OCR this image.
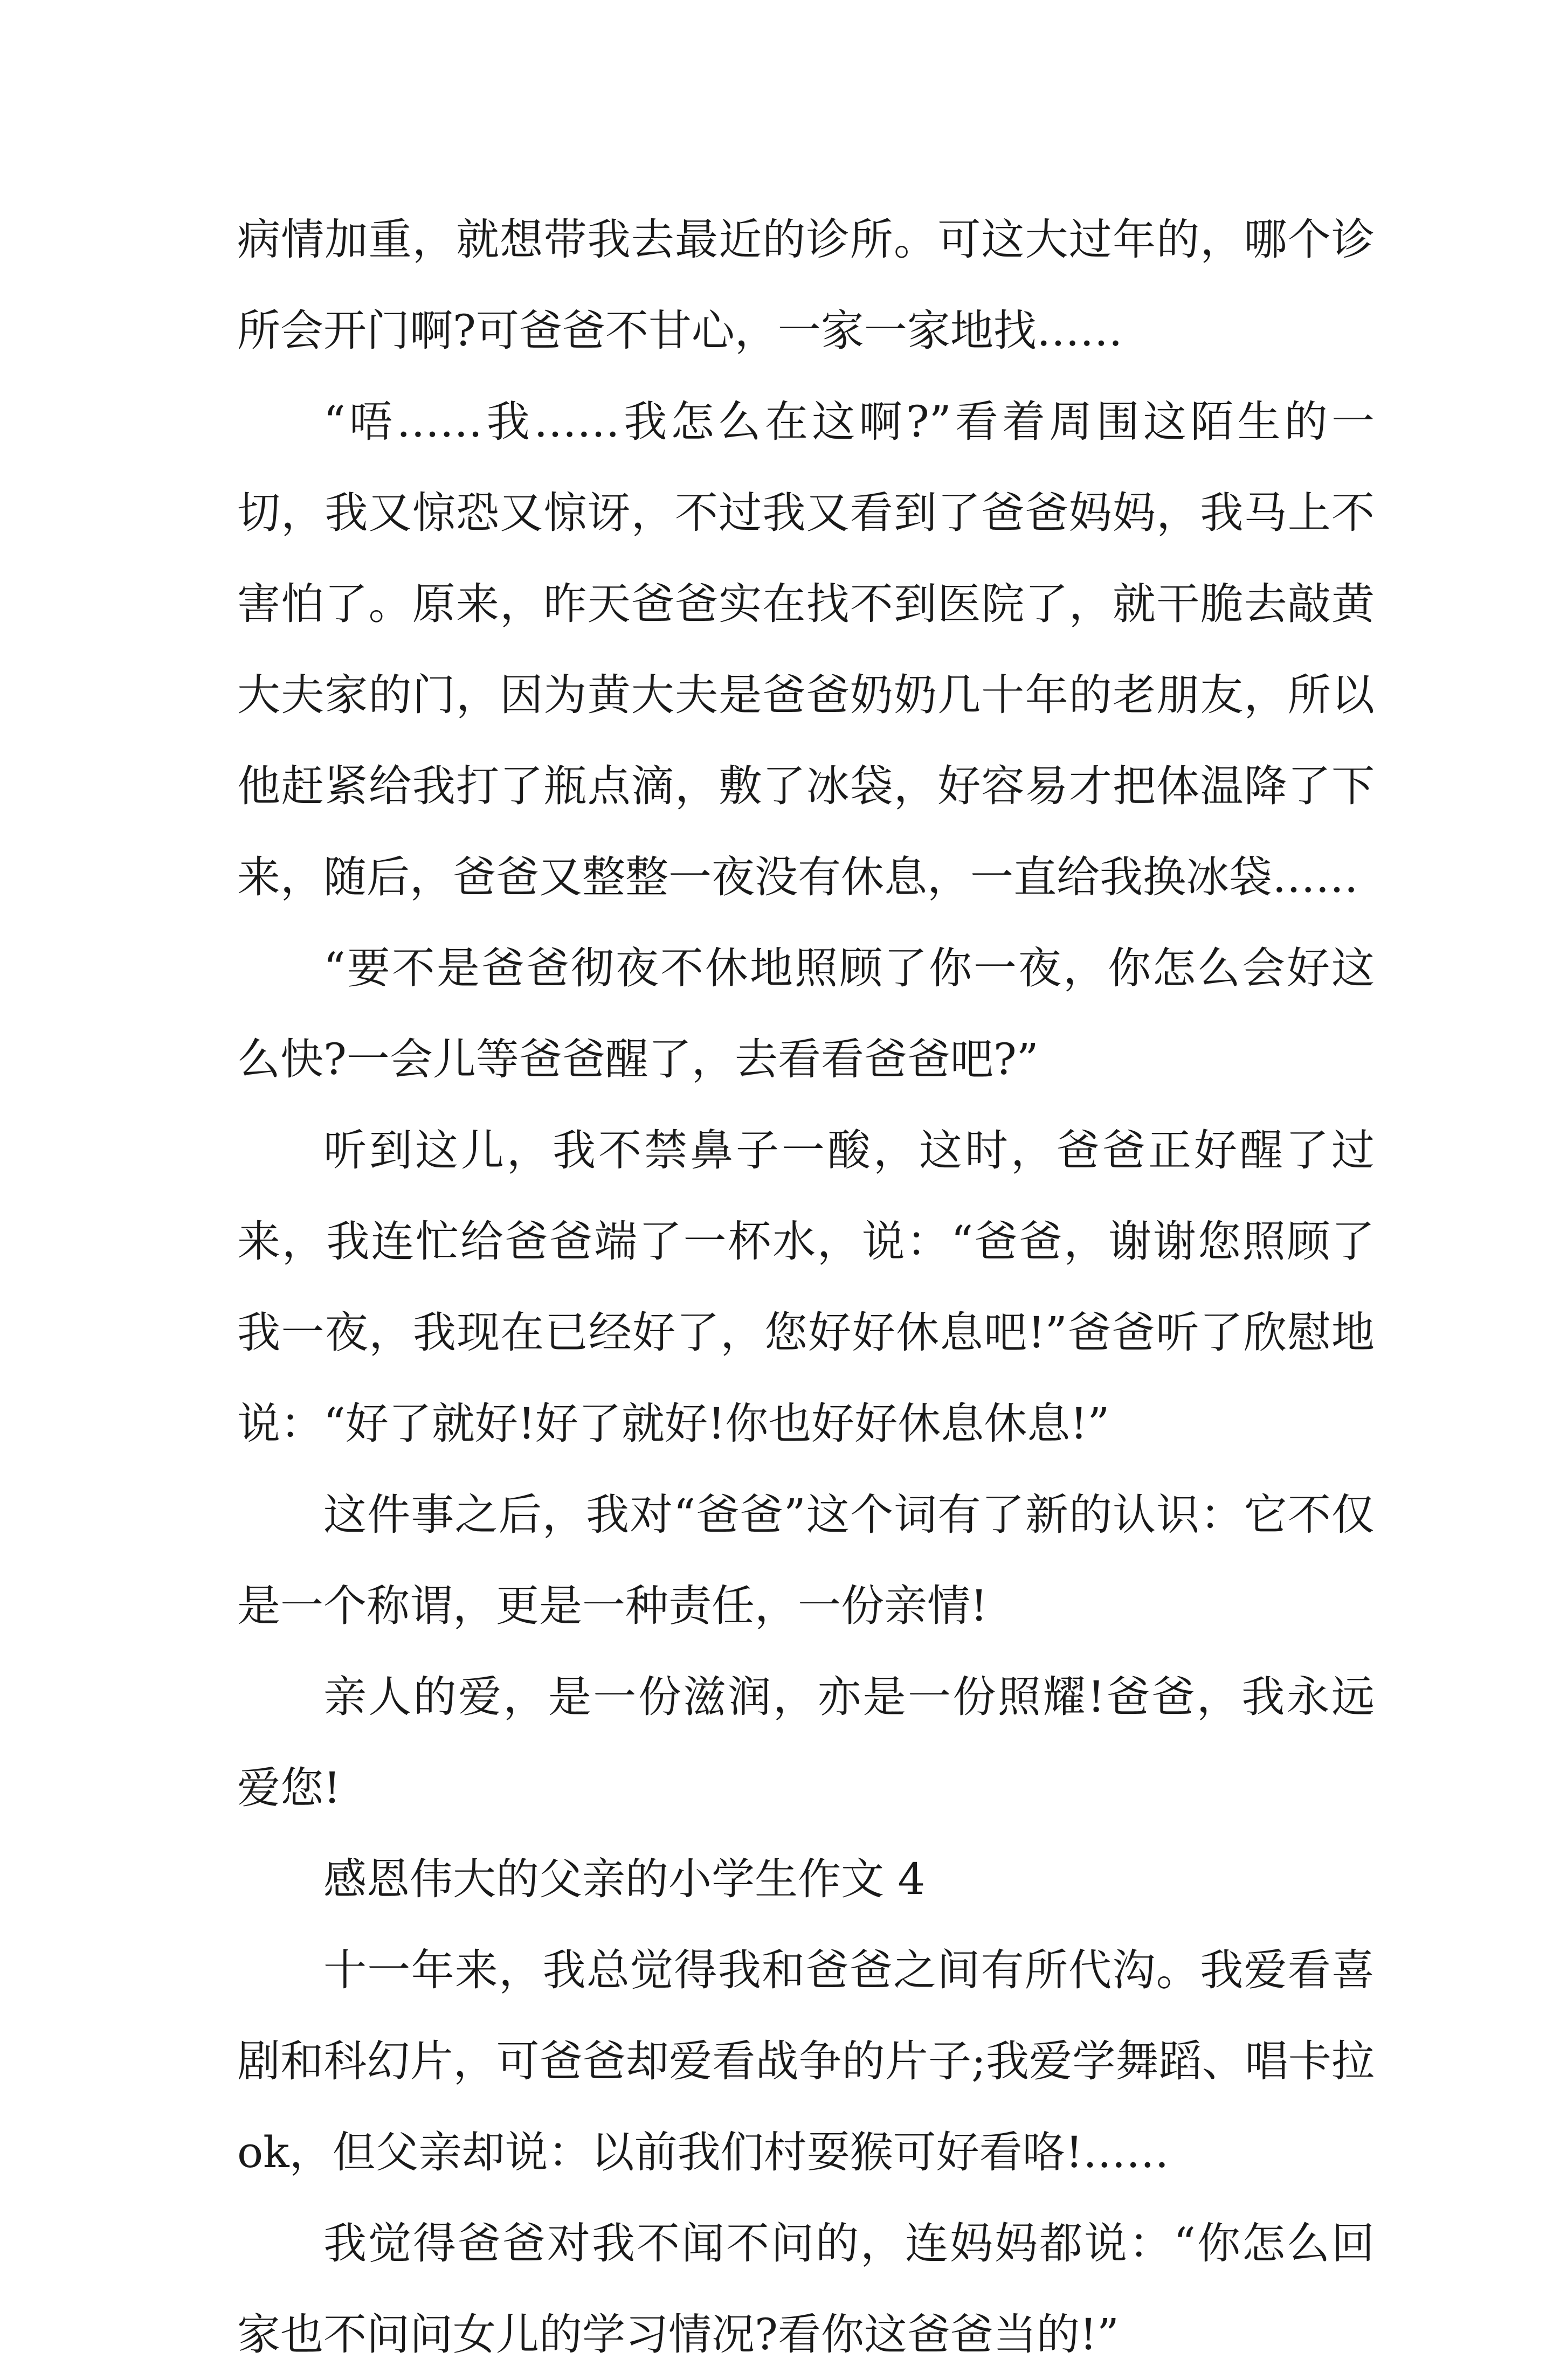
病情加重，就想带我去最近的诊所。可这大过年的，哪个诊所会开门啊?可爸爸不甘心，一家一家地找……

“唔……我……我怎么在这啊?”看着周围这陌生的一切，我又惊恐又惊讶，不过我又看到了爸爸妈妈，我马上不害怕了。原来，昨天爸爸实在找不到医院了，就干脆去敲黄大夫家的门，因为黄大夫是爸爸奶奶几十年的老朋友，所以他赶紧给我打了瓶点滴，敷了冰袋，好容易才把体温降了下来，随后，爸爸又整整一夜没有休息，一直给我换冰袋……

“要不是爸爸彻夜不休地照顾了你一夜，你怎么会好这么快?一会儿等爸爸醒了，去看看爸爸吧?”

听到这儿，我不禁鼻子一酸，这时，爸爸正好醒了过来，我连忙给爸爸端了一杯水，说：“爸爸，谢谢您照顾了我一夜，我现在已经好了，您好好休息吧!”爸爸听了欣慰地说：“好了就好!好了就好!你也好好休息休息!”

这件事之后，我对“爸爸”这个词有了新的认识：它不仅是一个称谓，更是一种责任，一份亲情!

亲人的爱，是一份滋润，亦是一份照耀!爸爸，我永远爱您!

感恩伟大的父亲的小学生作文 4

十一年来，我总觉得我和爸爸之间有所代沟。我爱看喜剧和科幻片，可爸爸却爱看战争的片子;我爱学舞蹈、唱卡拉 ok，但父亲却说：以前我们村耍猴可好看咯!……

我觉得爸爸对我不闻不问的，连妈妈都说：“你怎么回家也不问问女儿的学习情况?看你这爸爸当的!”
